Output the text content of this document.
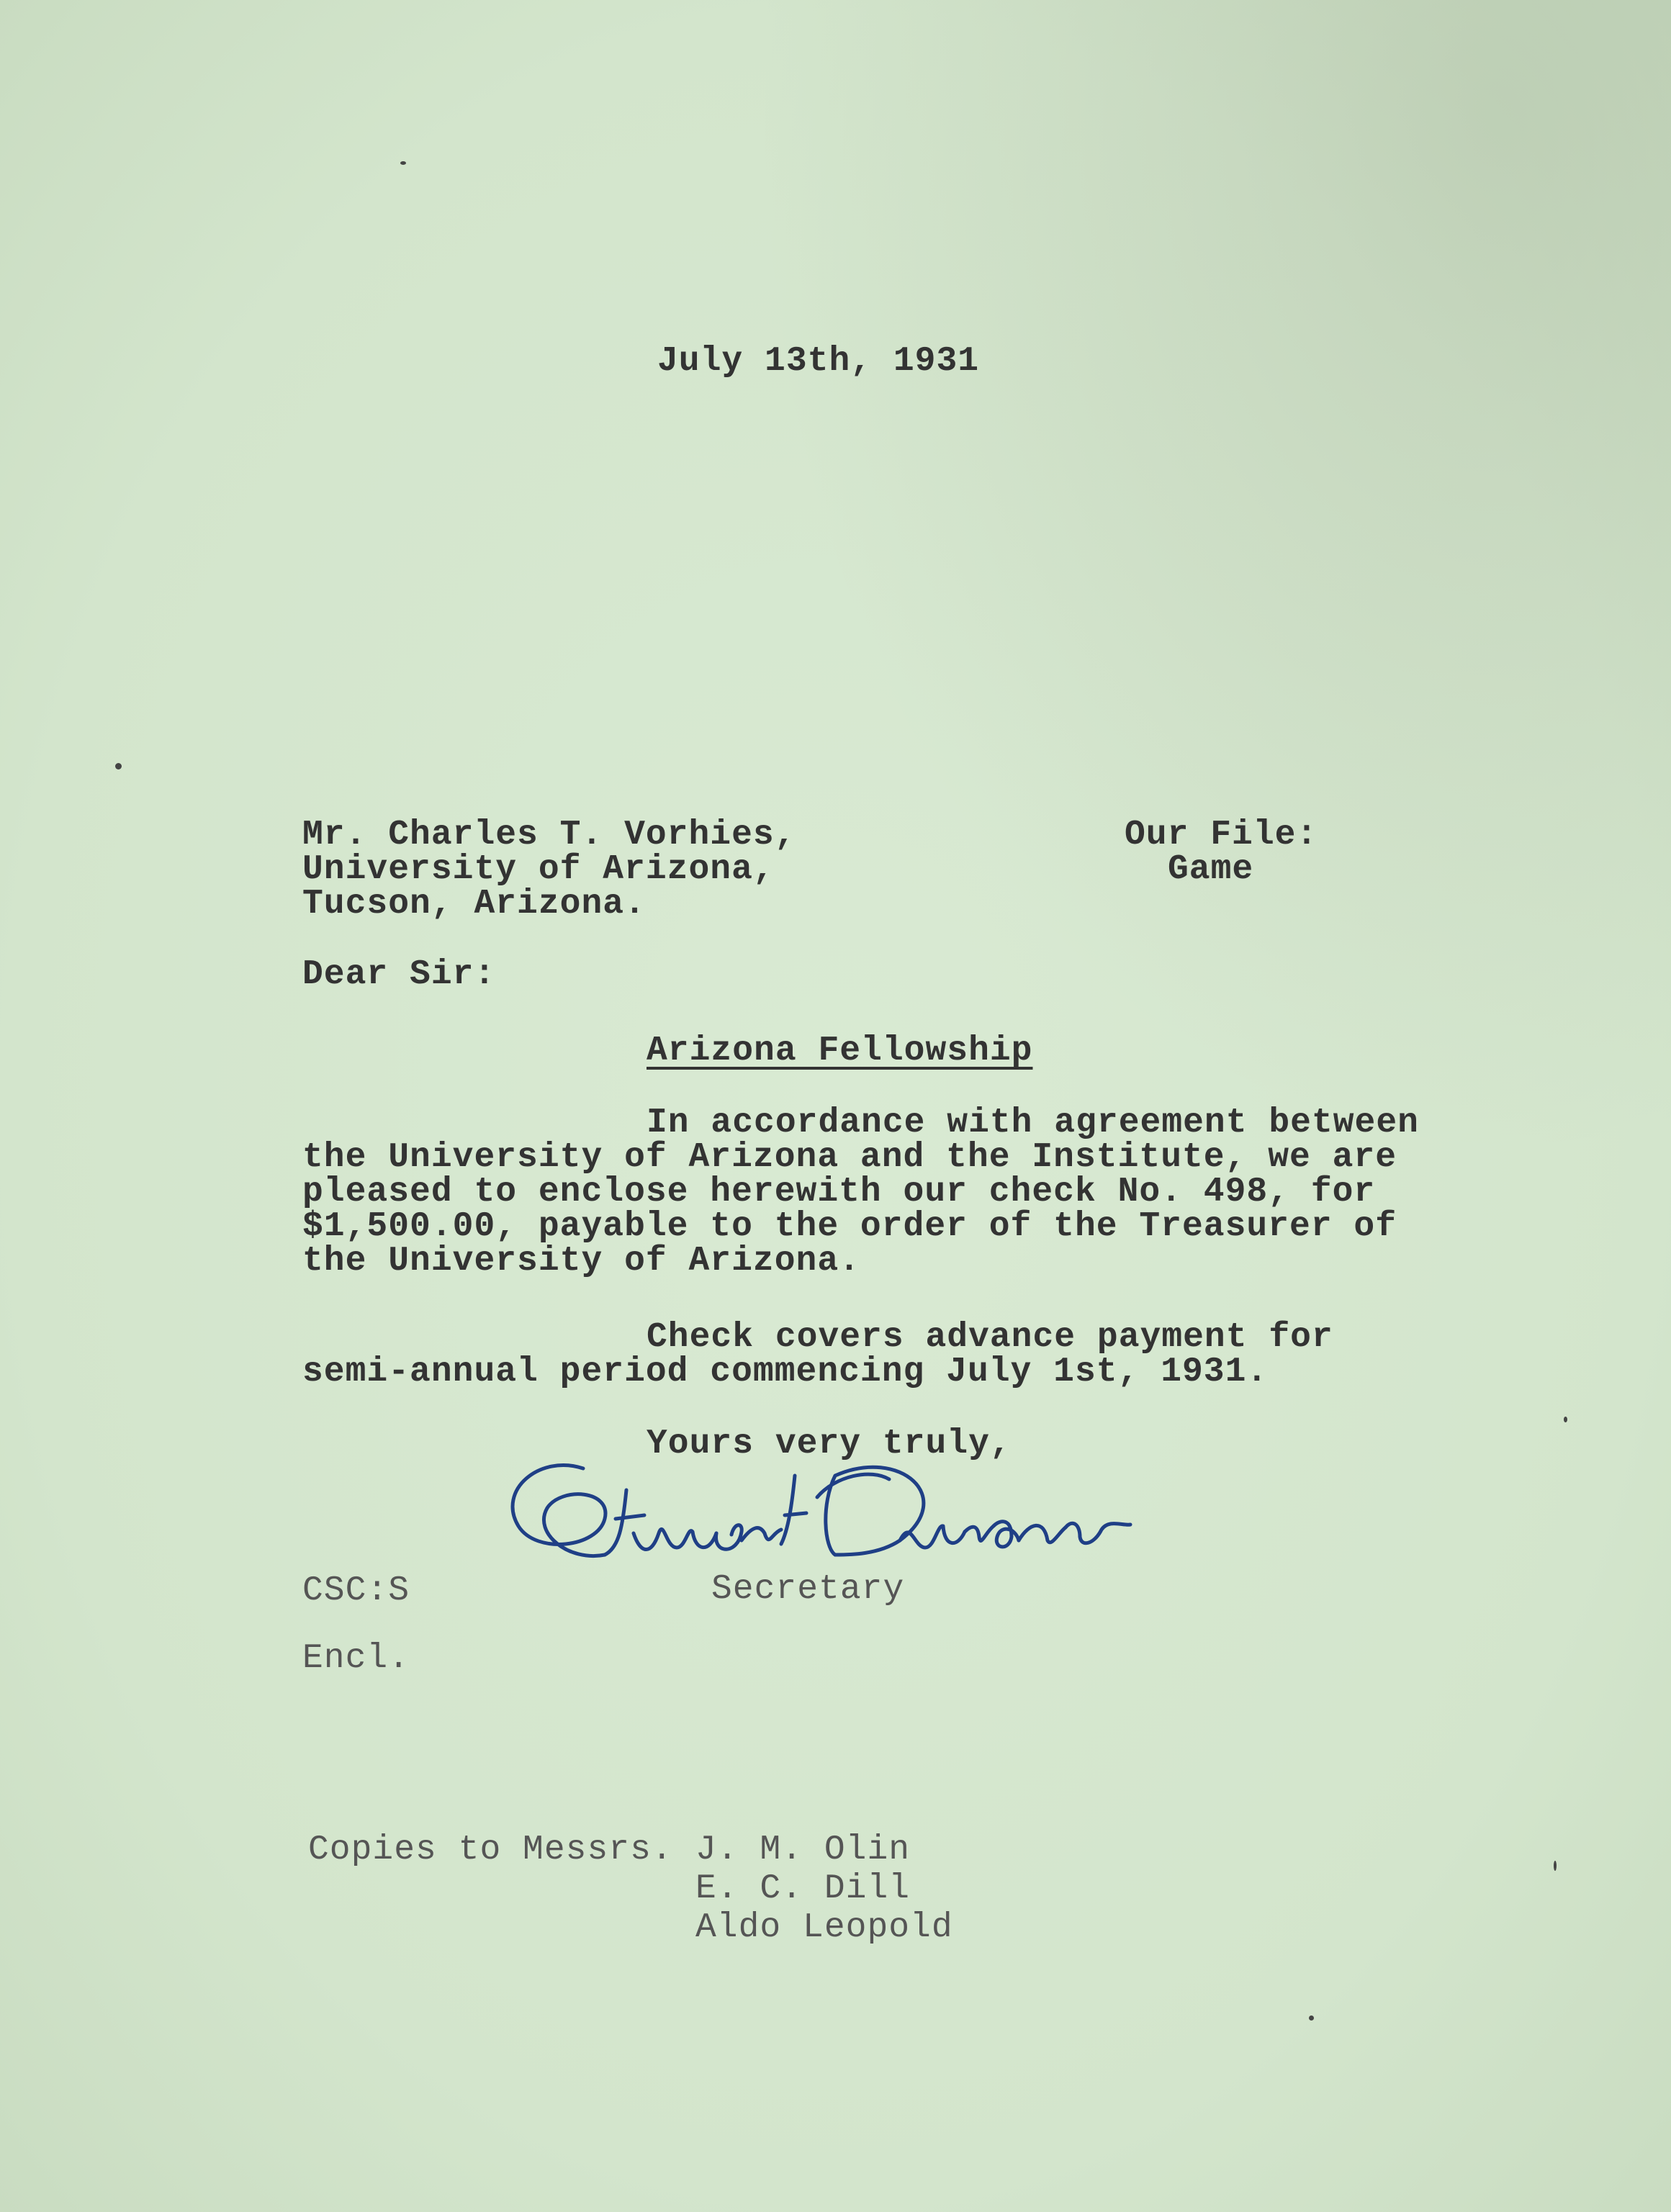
July 13th, 1931
Mr. Charles T. Vorhies,
University of Arizona,
Tucson, Arizona.
Our File:
Game
Dear Sir:
Arizona Fellowship
In accordance with agreement between
the University of Arizona and the Institute, we are
pleased to enclose herewith our check No. 498, for
$1,500.00, payable to the order of the Treasurer of
the University of Arizona.
Check covers advance payment for
semi-annual period commencing July 1st, 1931.
Yours very truly,
CSC:S	Secretary
Encl.
Copies to Messrs. J. M. Olin
E. C. Dill
Aldo Leopold
